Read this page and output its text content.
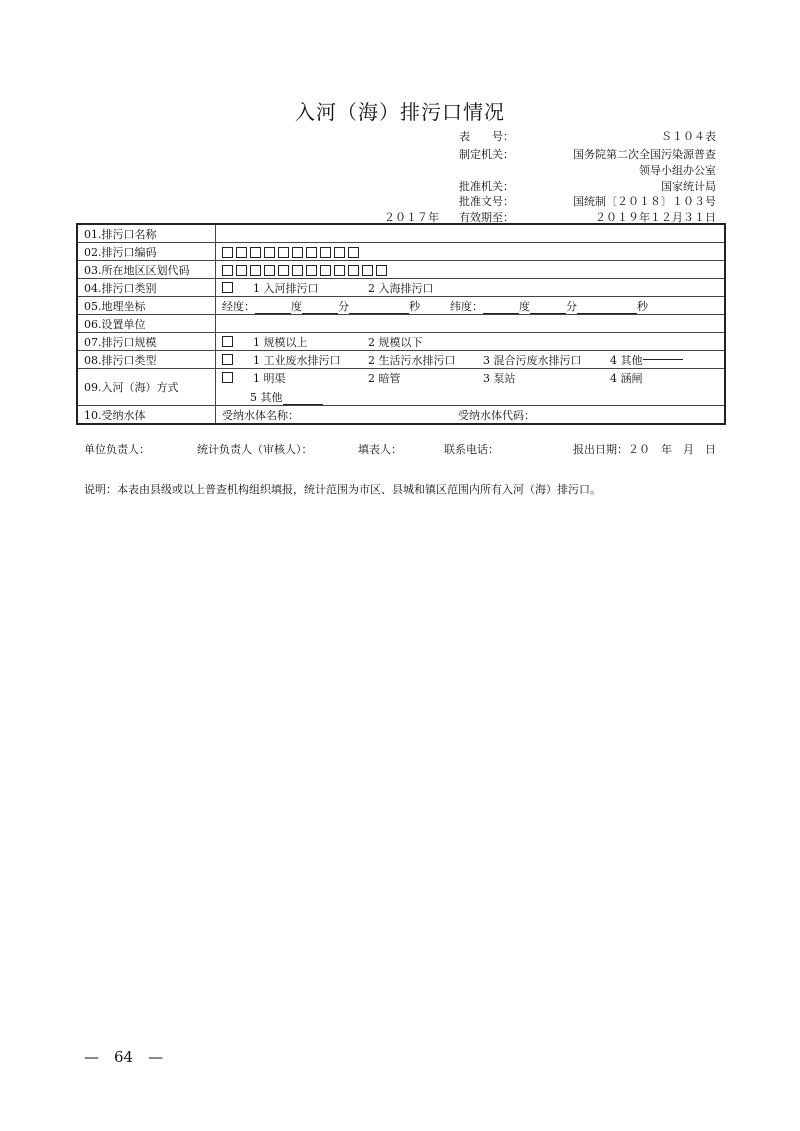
入河（海）排污口情况
表　　号：	Ｓ１０４表
制定机关：	国务院第二次全国污染源普查
领导小组办公室
批准机关：	国家统计局
批准文号：	国统制〔２０１８〕１０３号
２０１７年 有效期至：	２０１９年１２月３１日
01.排污口名称	
02.排污口编码	
03.所在地区区划代码	
04.排污口类别	1 入河排污口 2 入海排污口

05.地理坐标	经度： 度 分 秒 纬度： 度 分 秒
06.设置单位	
07.排污口规模	1 规模以上 2 规模以下

08.排污口类型	1 工业废水排污口 2 生活污水排污口 3 混合污废水排污口 4 其他

09.入河（海）方式	1 明渠 2 暗管 3 泵站 4 涵闸
5 其他

10.受纳水体	受纳水体名称： 受纳水体代码：
单位负责人：	统计负责人（审核人）：	填表人：	联系电话：	报出日期：２０　年　月　日
说明：本表由县级或以上普查机构组织填报，统计范围为市区、县城和镇区范围内所有入河（海）排污口。
—　64　—
